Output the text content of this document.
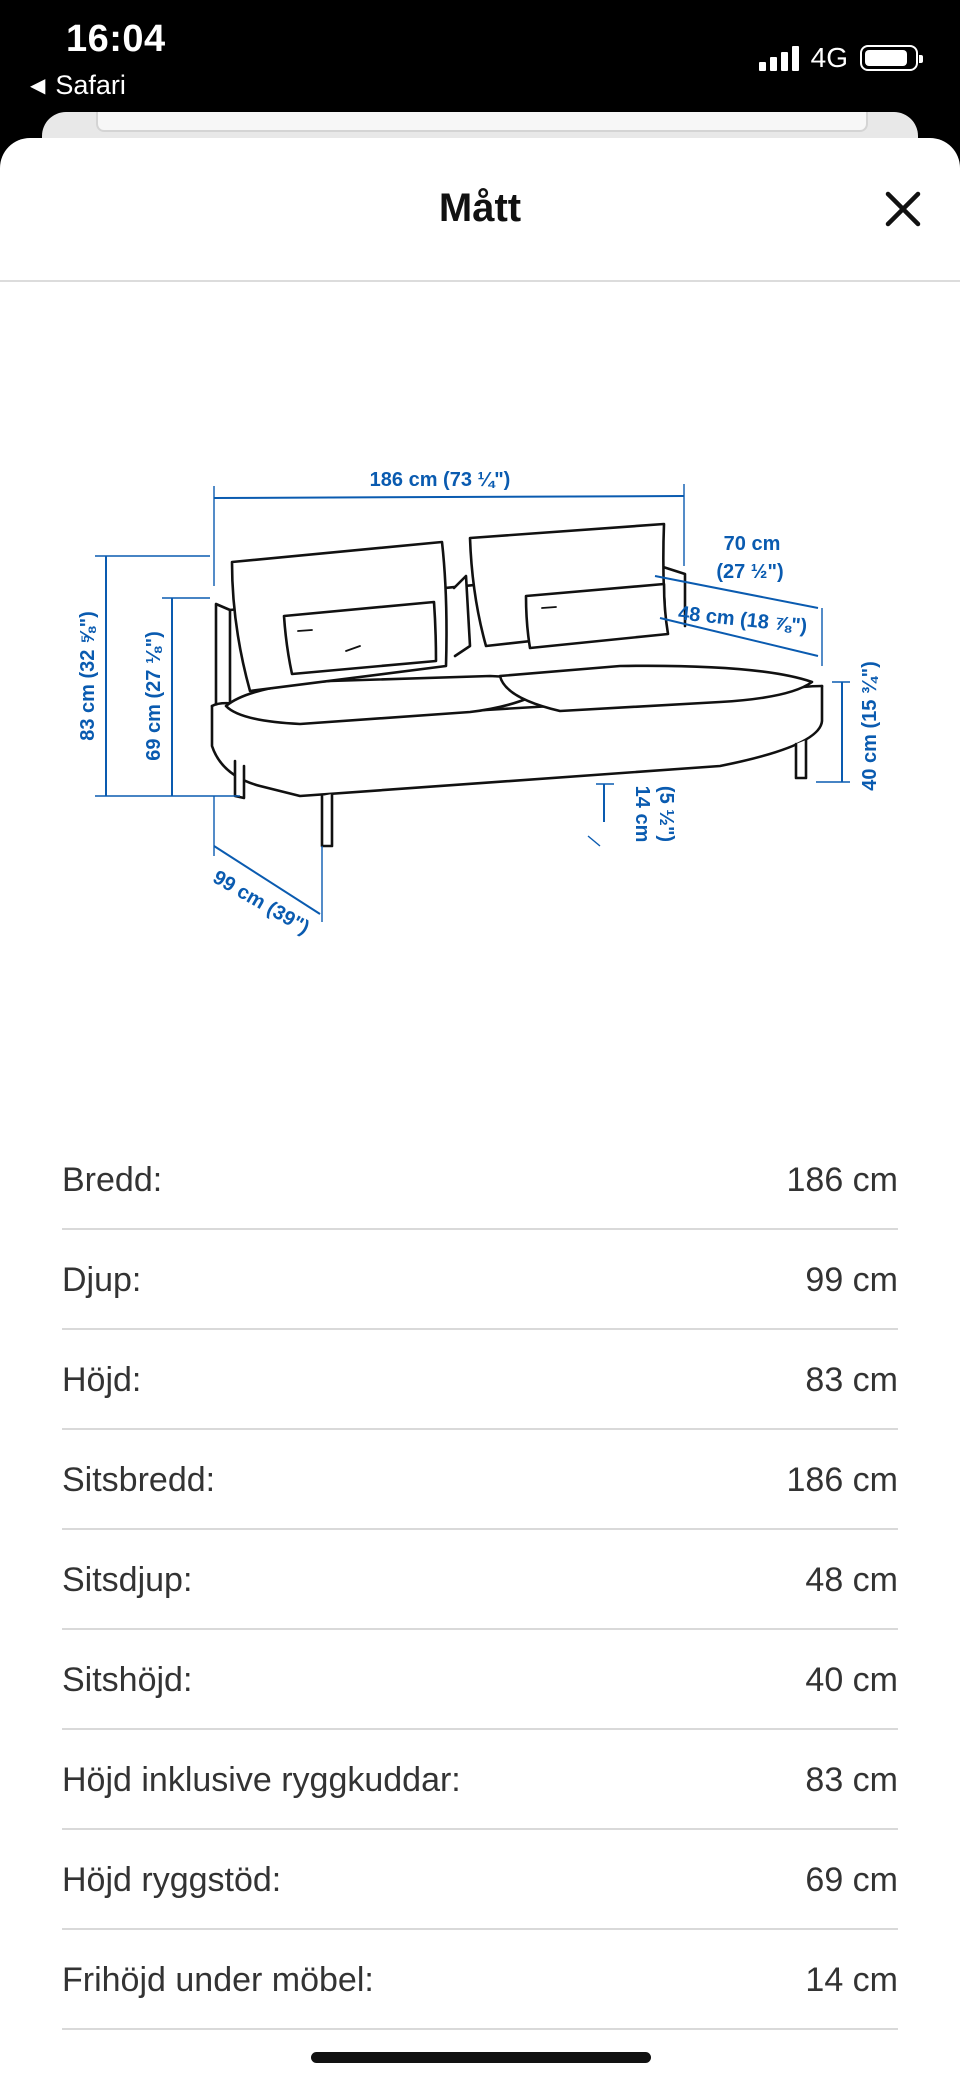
16:04
◀ Safari
4G
Mått
186 cm (73 ¼")
70 cm
(27 ½")
48 cm (18 ⅞")
83 cm (32 ⅝") 69 cm (27 ⅛")	40 cm (15 ¾")
14 cm (5 ½")
99 cm (39")
Bredd:	186 cm
Djup:	99 cm
Höjd:	83 cm
Sitsbredd:	186 cm
Sitsdjup:	48 cm
Sitshöjd:	40 cm
Höjd inklusive ryggkuddar:	83 cm
Höjd ryggstöd:	69 cm
Frihöjd under möbel:	14 cm
